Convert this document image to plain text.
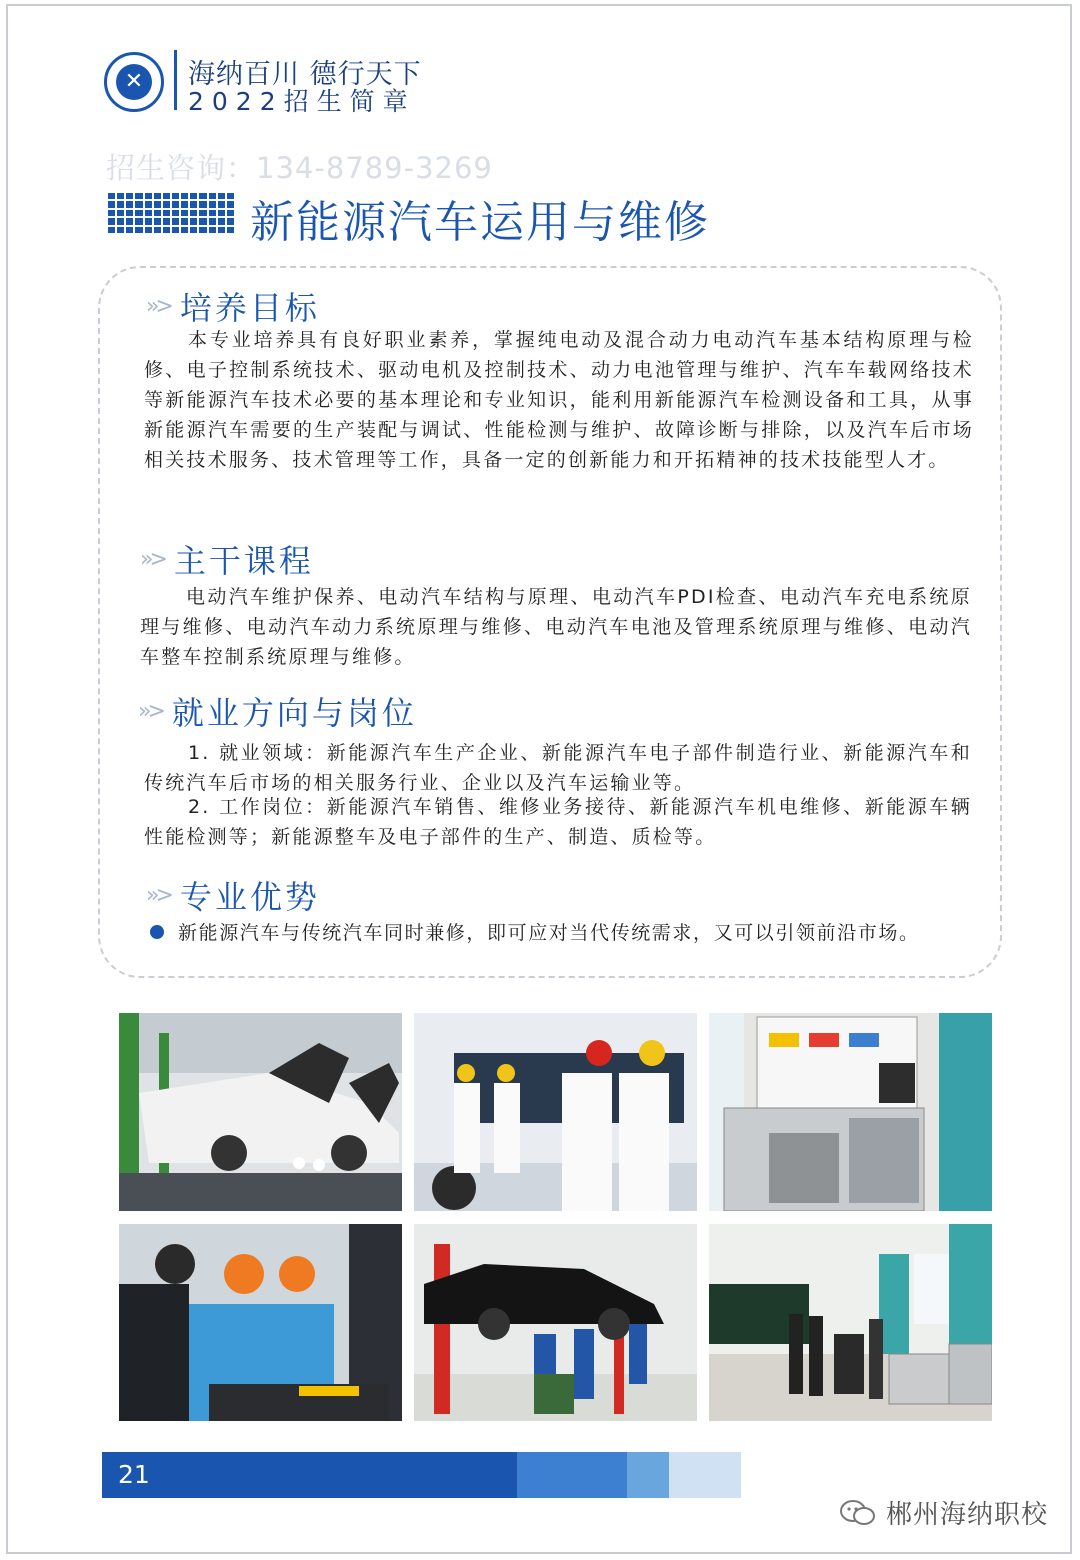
✕	海纳百川 德行天下
2022招生简章
招生咨询：134-8789-3269
新能源汽车运用与维修
»> 培养目标
本专业培养具有良好职业素养，掌握纯电动及混合动力电动汽车基本结构原理与检修、电子控制系统技术、驱动电机及控制技术、动力电池管理与维护、汽车车载网络技术等新能源汽车技术必要的基本理论和专业知识，能利用新能源汽车检测设备和工具，从事新能源汽车需要的生产装配与调试、性能检测与维护、故障诊断与排除，以及汽车后市场相关技术服务、技术管理等工作，具备一定的创新能力和开拓精神的技术技能型人才。
»> 主干课程
电动汽车维护保养、电动汽车结构与原理、电动汽车PDI检查、电动汽车充电系统原理与维修、电动汽车动力系统原理与维修、电动汽车电池及管理系统原理与维修、电动汽车整车控制系统原理与维修。
»> 就业方向与岗位
1. 就业领域：新能源汽车生产企业、新能源汽车电子部件制造行业、新能源汽车和传统汽车后市场的相关服务行业、企业以及汽车运输业等。
2. 工作岗位：新能源汽车销售、维修业务接待、新能源汽车机电维修、新能源车辆性能检测等；新能源整车及电子部件的生产、制造、质检等。
»> 专业优势
新能源汽车与传统汽车同时兼修，即可应对当代传统需求，又可以引领前沿市场。
21
郴州海纳职校
